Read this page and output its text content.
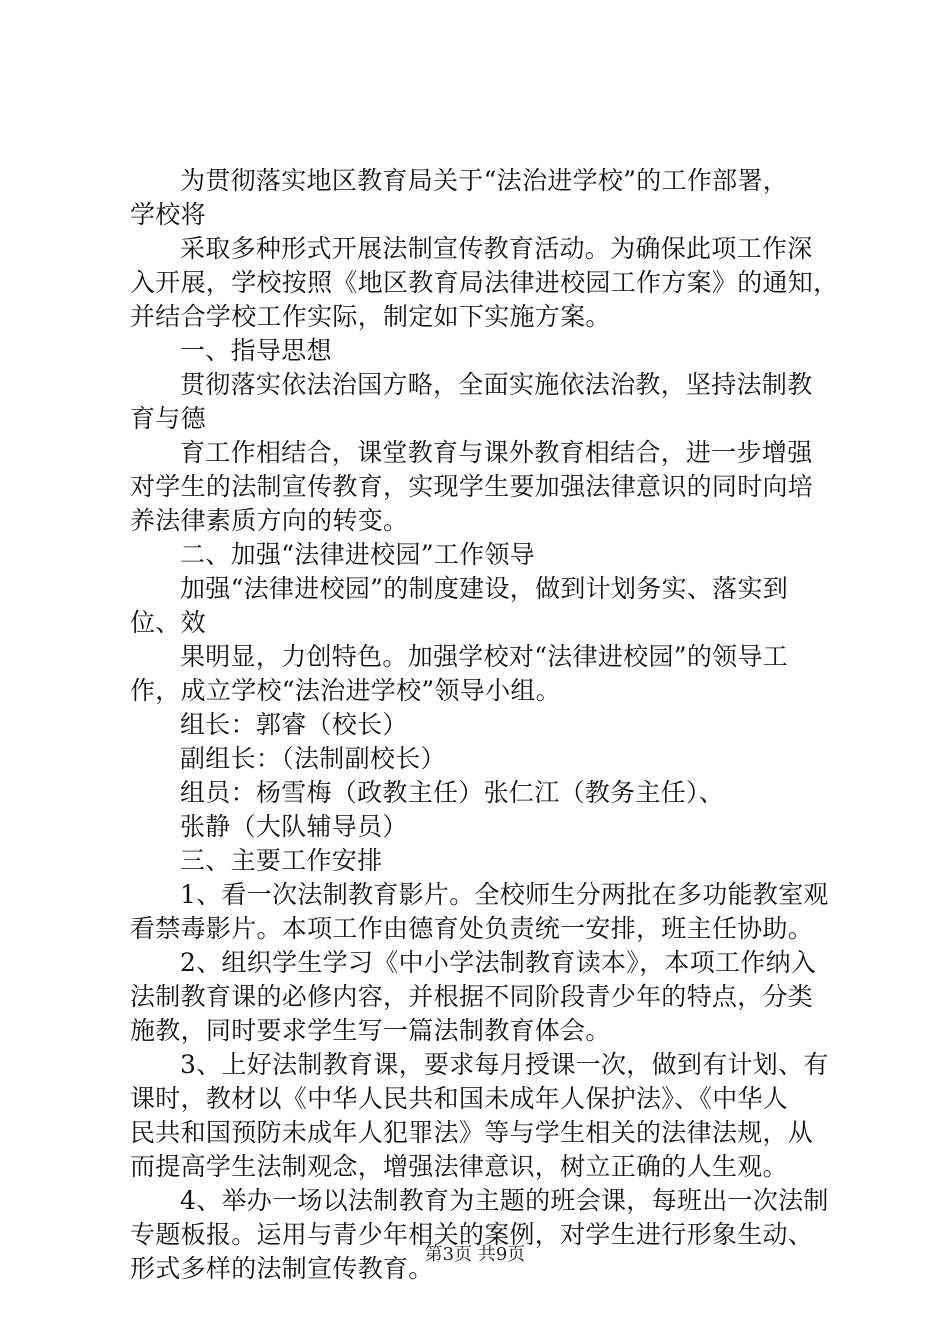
为贯彻落实地区教育局关于“法治进学校”的工作部署，
学校将
采取多种形式开展法制宣传教育活动。为确保此项工作深
入开展，学校按照《地区教育局法律进校园工作方案》的通知，
并结合学校工作实际，制定如下实施方案。
一、指导思想
贯彻落实依法治国方略，全面实施依法治教，坚持法制教
育与德
育工作相结合，课堂教育与课外教育相结合，进一步增强
对学生的法制宣传教育，实现学生要加强法律意识的同时向培
养法律素质方向的转变。
二、加强“法律进校园”工作领导
加强“法律进校园”的制度建设，做到计划务实、落实到
位、效
果明显，力创特色。加强学校对“法律进校园”的领导工
作，成立学校“法治进学校”领导小组。
组长：郭睿（校长）
副组长：（法制副校长）
组员：杨雪梅（政教主任）张仁江（教务主任）、
张静（大队辅导员）
三、主要工作安排
1、看一次法制教育影片。全校师生分两批在多功能教室观
看禁毒影片。本项工作由德育处负责统一安排，班主任协助。
2、组织学生学习《中小学法制教育读本》，本项工作纳入
法制教育课的必修内容，并根据不同阶段青少年的特点，分类
施教，同时要求学生写一篇法制教育体会。
3、上好法制教育课，要求每月授课一次，做到有计划、有
课时，教材以《中华人民共和国未成年人保护法》、《中华人
民共和国预防未成年人犯罪法》等与学生相关的法律法规，从
而提高学生法制观念，增强法律意识，树立正确的人生观。
4、举办一场以法制教育为主题的班会课，每班出一次法制
专题板报。运用与青少年相关的案例，对学生进行形象生动、
形式多样的法制宣传教育。
第3页 共9页
